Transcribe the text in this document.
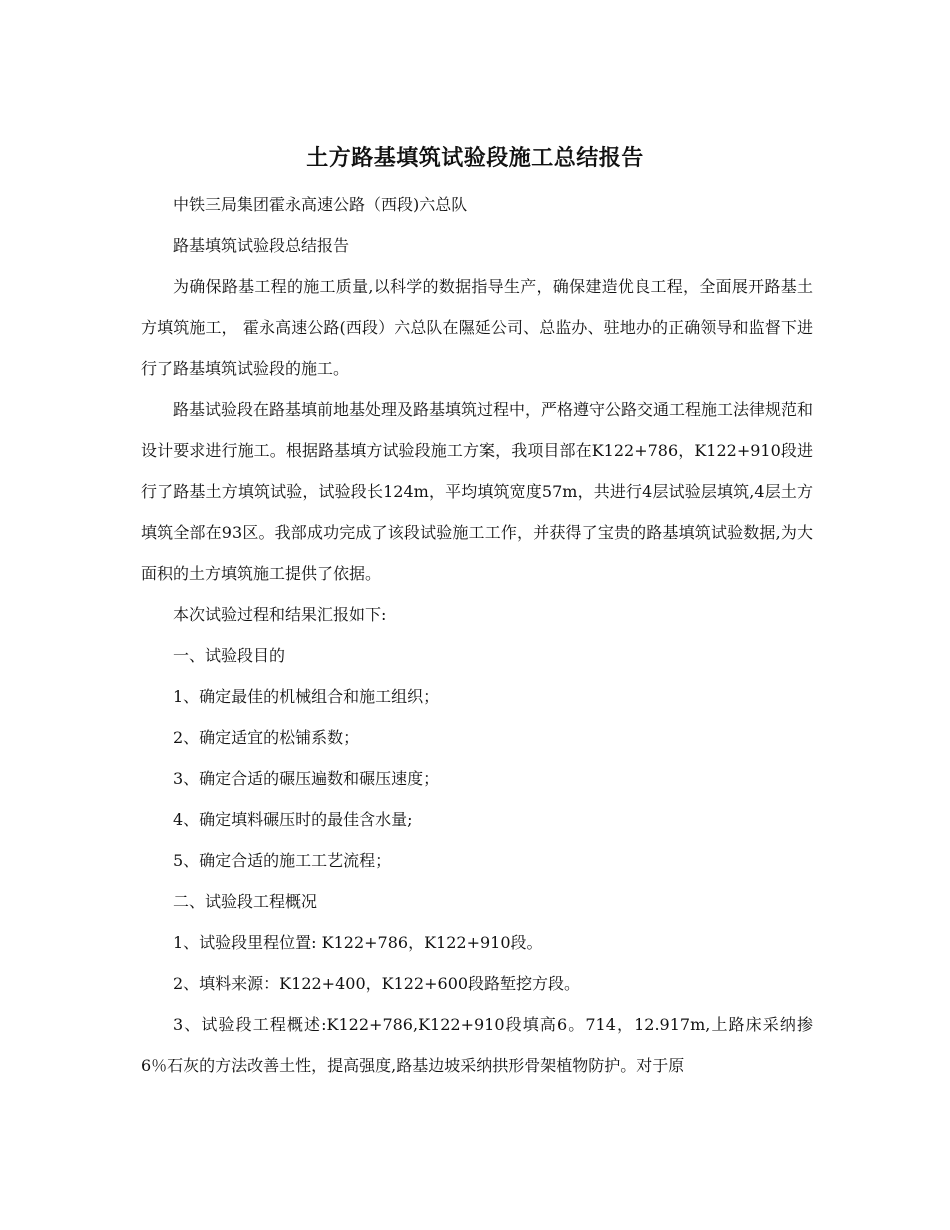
土方路基填筑试验段施工总结报告

中铁三局集团霍永高速公路（西段)六总队

路基填筑试验段总结报告

为确保路基工程的施工质量,以科学的数据指导生产，确保建造优良工程，全面展开路基土方填筑施工， 霍永高速公路(西段）六总队在隰延公司、总监办、驻地办的正确领导和监督下进行了路基填筑试验段的施工。

路基试验段在路基填前地基处理及路基填筑过程中，严格遵守公路交通工程施工法律规范和设计要求进行施工。根据路基填方试验段施工方案，我项目部在K122+786，K122+910段进行了路基土方填筑试验，试验段长124m，平均填筑宽度57m，共进行4层试验层填筑,4层土方填筑全部在93区。我部成功完成了该段试验施工工作，并获得了宝贵的路基填筑试验数据,为大面积的土方填筑施工提供了依据。

本次试验过程和结果汇报如下:

一、试验段目的

1、确定最佳的机械组合和施工组织；

2、确定适宜的松铺系数；

3、确定合适的碾压遍数和碾压速度；

4、确定填料碾压时的最佳含水量;

5、确定合适的施工工艺流程；

二、试验段工程概况

1、试验段里程位置: K122+786，K122+910段。

2、填料来源：K122+400，K122+600段路堑挖方段。

3、试验段工程概述:K122+786,K122+910段填高6。714，12.917m,上路床采纳掺6％石灰的方法改善土性，提高强度,路基边坡采纳拱形骨架植物防护。对于原
